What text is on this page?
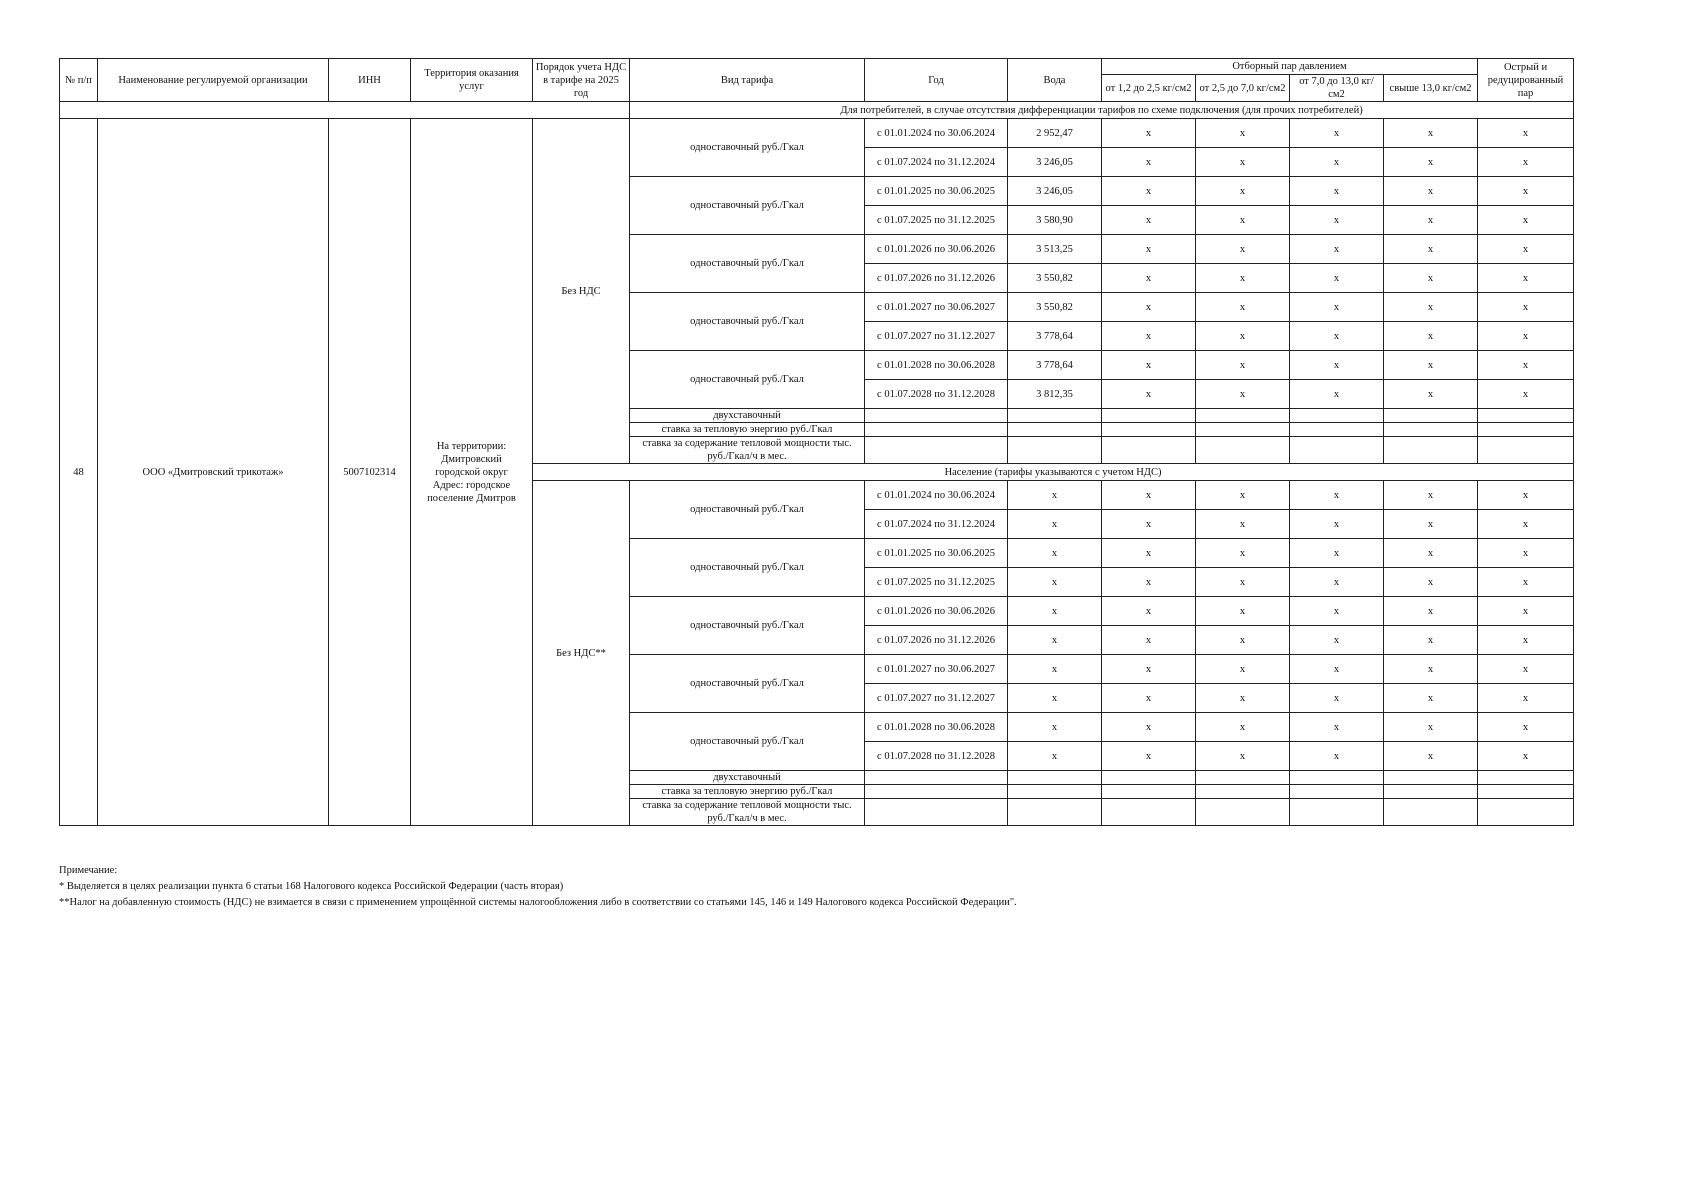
№ п/п	Наименование регулируемой организации	ИНН	Территория оказания услуг	Порядок учета НДС в тарифе на 2025 год	Вид тарифа	Год	Вода	Отборный пар давлением				Острый и редуцированный пар
								от 1,2 до 2,5 кг/см2	от 2,5 до 7,0 кг/см2	от 7,0 до 13,0 кг/см2	свыше 13,0 кг/см2	
					Для потребителей, в случае отсутствия дифференциации тарифов по схеме подключения (для прочих потребителей)							
48	ООО «Дмитровский трикотаж»	5007102314	На территории: Дмитровский городской округ Адрес: городское поселение Дмитров	Без НДС	одноставочный руб./Гкал	с 01.01.2024 по 30.06.2024	2 952,47	x	x	x	x	x
						с 01.07.2024 по 31.12.2024	3 246,05	x	x	x	x	x
					одноставочный руб./Гкал	с 01.01.2025 по 30.06.2025	3 246,05	x	x	x	x	x
						с 01.07.2025 по 31.12.2025	3 580,90	x	x	x	x	x
					одноставочный руб./Гкал	с 01.01.2026 по 30.06.2026	3 513,25	x	x	x	x	x
						с 01.07.2026 по 31.12.2026	3 550,82	x	x	x	x	x
					одноставочный руб./Гкал	с 01.01.2027 по 30.06.2027	3 550,82	x	x	x	x	x
						с 01.07.2027 по 31.12.2027	3 778,64	x	x	x	x	x
					одноставочный руб./Гкал	с 01.01.2028 по 30.06.2028	3 778,64	x	x	x	x	x
						с 01.07.2028 по 31.12.2028	3 812,35	x	x	x	x	x
					двухставочный							
					ставка за тепловую энергию руб./Гкал							
					ставка за содержание тепловой мощности тыс. руб./Гкал/ч в мес.							
				Население (тарифы указываются с учетом НДС)								
				Без НДС**	одноставочный руб./Гкал	с 01.01.2024 по 30.06.2024	x	x	x	x	x	x
						с 01.07.2024 по 31.12.2024	x	x	x	x	x	x
					одноставочный руб./Гкал	с 01.01.2025 по 30.06.2025	x	x	x	x	x	x
						с 01.07.2025 по 31.12.2025	x	x	x	x	x	x
					одноставочный руб./Гкал	с 01.01.2026 по 30.06.2026	x	x	x	x	x	x
						с 01.07.2026 по 31.12.2026	x	x	x	x	x	x
					одноставочный руб./Гкал	с 01.01.2027 по 30.06.2027	x	x	x	x	x	x
						с 01.07.2027 по 31.12.2027	x	x	x	x	x	x
					одноставочный руб./Гкал	с 01.01.2028 по 30.06.2028	x	x	x	x	x	x
						с 01.07.2028 по 31.12.2028	x	x	x	x	x	x
					двухставочный							
					ставка за тепловую энергию руб./Гкал							
					ставка за содержание тепловой мощности тыс. руб./Гкал/ч в мес.							
Примечание:
* Выделяется в целях реализации пункта 6 статьи 168 Налогового кодекса Российской Федерации (часть вторая)
**Налог на добавленную стоимость (НДС) не взимается в связи с применением упрощённой системы налогообложения либо в соответствии со статьями 145, 146 и 149 Налогового кодекса Российской Федерации".
